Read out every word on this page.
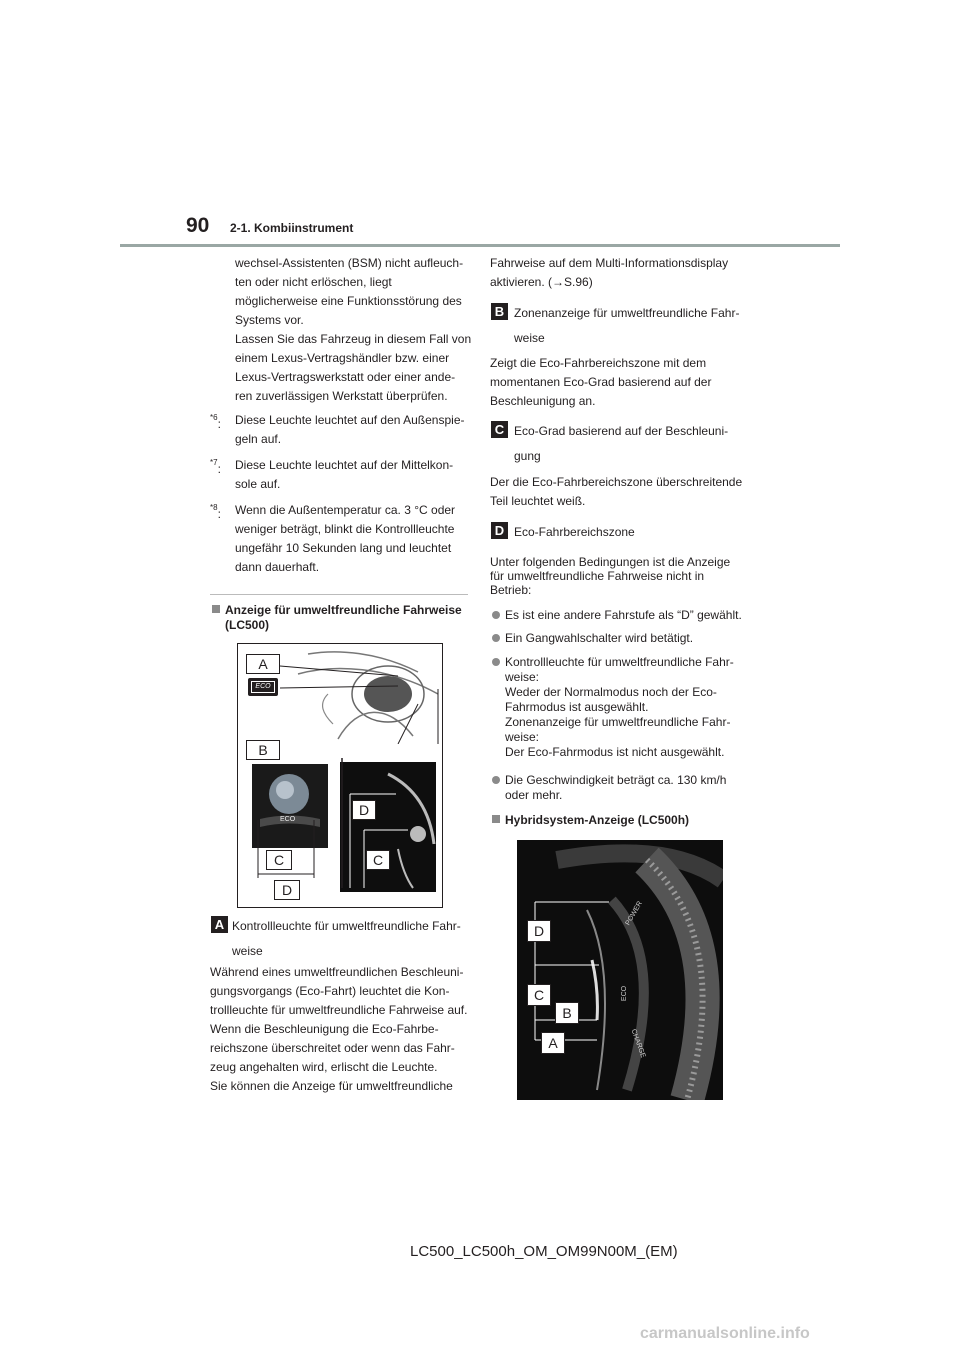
90 2-1. Kombiinstrument

wechsel-Assistenten (BSM) nicht aufleuch-

ten oder nicht erlöschen, liegt

möglicherweise eine Funktionsstörung des

Systems vor.

Lassen Sie das Fahrzeug in diesem Fall von

einem Lexus-Vertragshändler bzw. einer

Lexus-Vertragswerkstatt oder einer ande-

ren zuverlässigen Werkstatt überprüfen.

$^{*6}$:	Diese Leuchte leuchtet auf den Außenspie-
geln auf.
$^{*7}$:	Diese Leuchte leuchtet auf der Mittelkon-
sole auf.
$^{*8}$:	Wenn die Außentemperatur ca. 3 °C oder
weniger beträgt, blinkt die Kontrollleuchte
ungefähr 10 Sekunden lang und leuchtet
dann dauerhaft.
Anzeige für umweltfreundliche Fahrweise
(LC500)
A
ECO
B
ECO
C
D
D
C
A Kontrollleuchte für umweltfreundliche Fahr-

weise

Während eines umweltfreundlichen Beschleuni-

gungsvorgangs (Eco-Fahrt) leuchtet die Kon-

trollleuchte für umweltfreundliche Fahrweise auf.

Wenn die Beschleunigung die Eco-Fahrbe-

reichszone überschreitet oder wenn das Fahr-

zeug angehalten wird, erlischt die Leuchte.

Sie können die Anzeige für umweltfreundliche

Fahrweise auf dem Multi-Informationsdisplay

aktivieren. (→S.96)

B Zonenanzeige für umweltfreundliche Fahr-

weise

Zeigt die Eco-Fahrbereichszone mit dem

momentanen Eco-Grad basierend auf der

Beschleunigung an.

C Eco-Grad basierend auf der Beschleuni-

gung

Der die Eco-Fahrbereichszone überschreitende

Teil leuchtet weiß.

D Eco-Fahrbereichszone

Unter folgenden Bedingungen ist die Anzeige
für umweltfreundliche Fahrweise nicht in
Betrieb:
Es ist eine andere Fahrstufe als “D” gewählt.
Ein Gangwahlschalter wird betätigt.
Kontrollleuchte für umweltfreundliche Fahr-
weise:
Weder der Normalmodus noch der Eco-
Fahrmodus ist ausgewählt.
Zonenanzeige für umweltfreundliche Fahr-
weise:
Der Eco-Fahrmodus ist nicht ausgewählt.
Die Geschwindigkeit beträgt ca. 130 km/h
oder mehr.
Hybridsystem-Anzeige (LC500h)
D
C
B
A
POWER
ECO
CHARGE
LC500_LC500h_OM_OM99N00M_(EM)
carmanualsonline.info
